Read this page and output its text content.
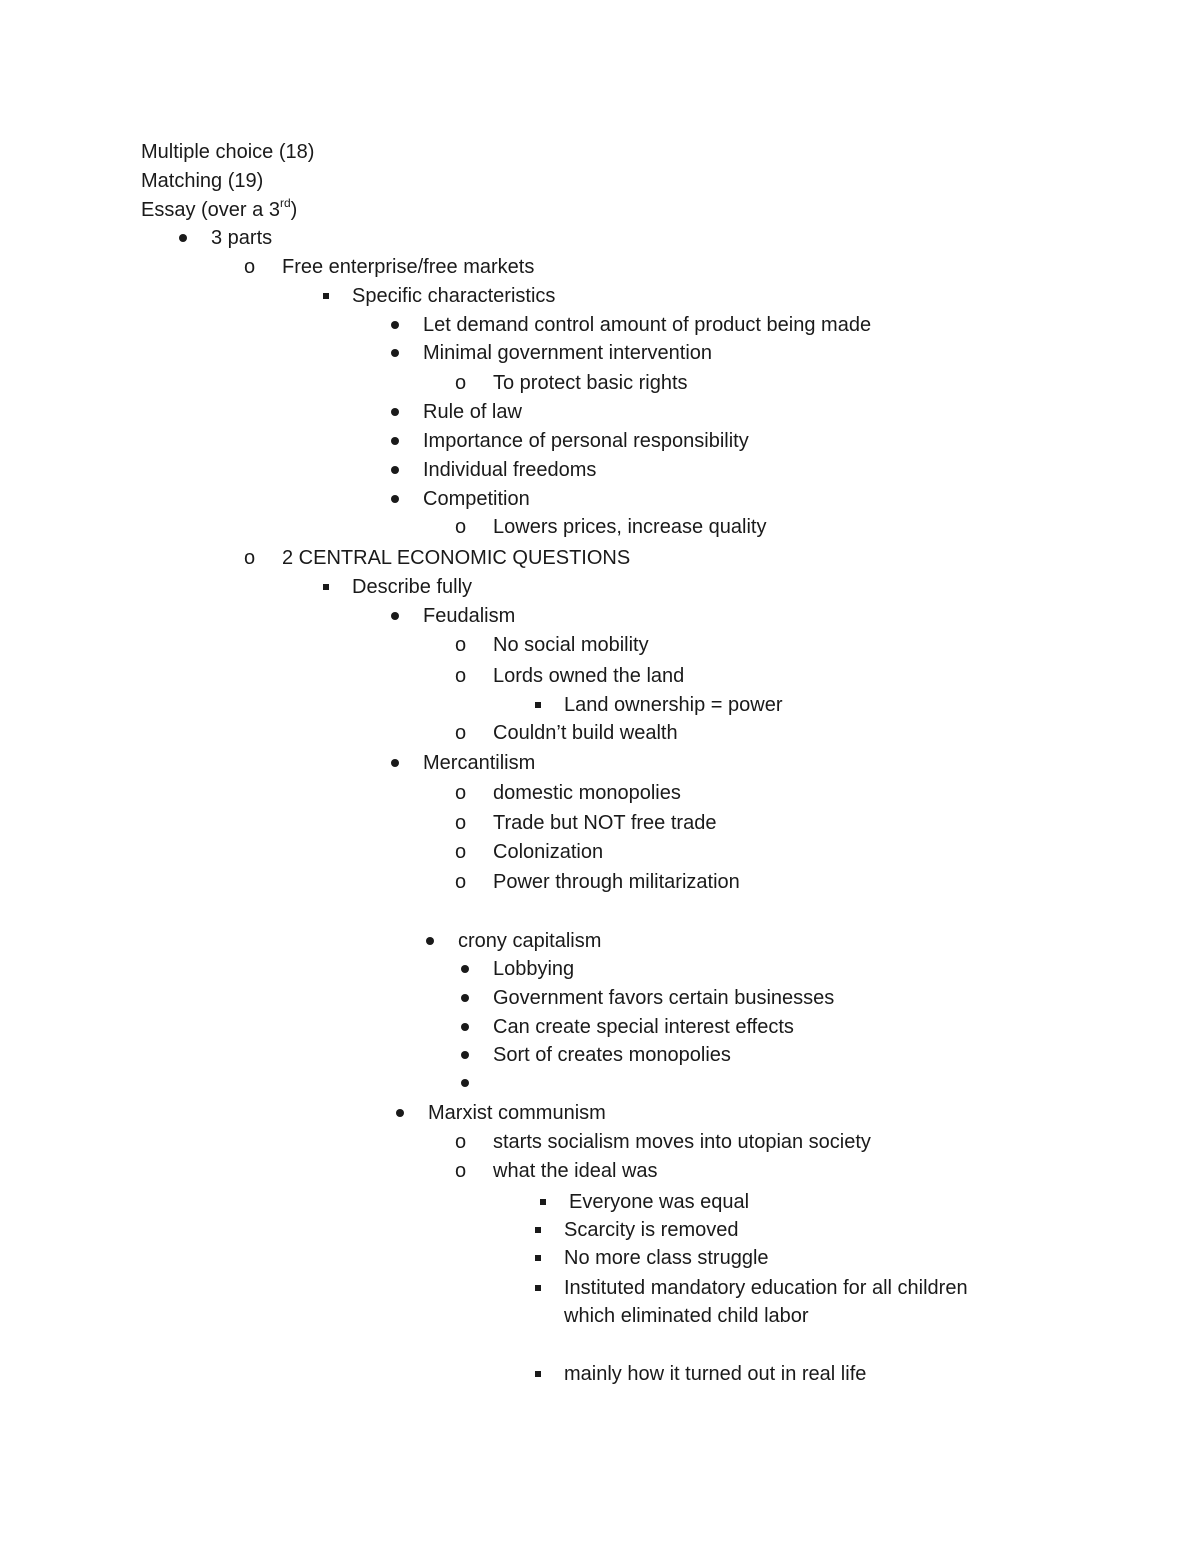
Multiple choice (18)
Matching (19)
Essay (over a 3rd)
3 parts
o	Free enterprise/free markets
Specific characteristics
Let demand control amount of product being made
Minimal government intervention
o	To protect basic rights
Rule of law
Importance of personal responsibility
Individual freedoms
Competition
o	Lowers prices, increase quality
o	2 CENTRAL ECONOMIC QUESTIONS
Describe fully
Feudalism
o	No social mobility
o	Lords owned the land
Land ownership = power
o	Couldn’t build wealth
Mercantilism
o	domestic monopolies
o	Trade but NOT free trade
o	Colonization
o	Power through militarization
crony capitalism
Lobbying
Government favors certain businesses
Can create special interest effects
Sort of creates monopolies
Marxist communism
o	starts socialism moves into utopian society
o	what the ideal was
Everyone was equal
Scarcity is removed
No more class struggle
Instituted mandatory education for all children
which eliminated child labor
mainly how it turned out in real life
